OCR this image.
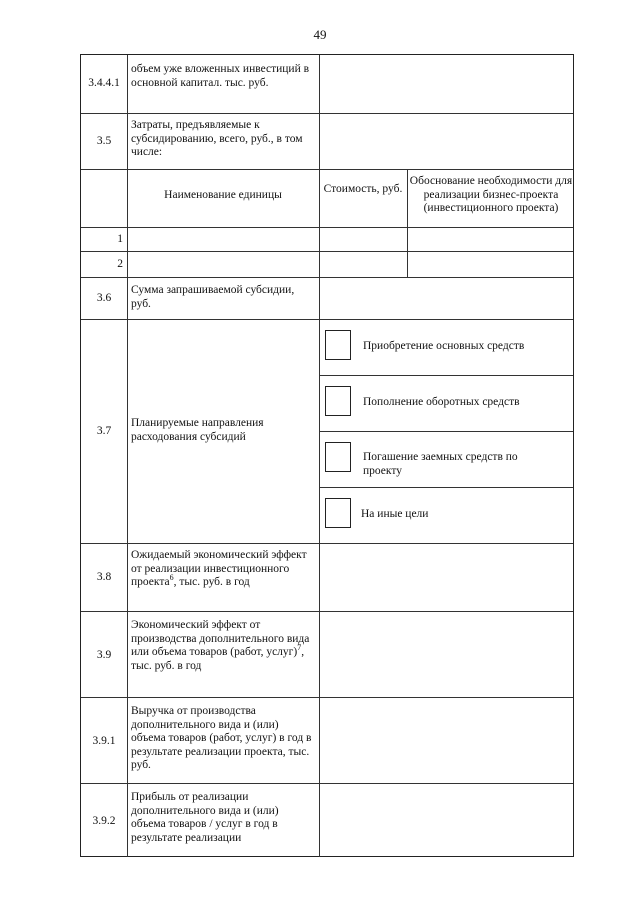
49
3.4.4.1
объем уже вложенных инвестиций в основной капитал. тыс. руб.
3.5
Затраты, предъявляемые к субсидированию, всего, руб., в том числе:
Наименование единицы	Стоимость, руб.
Обоснование необходимости для реализации бизнес-проекта (инвестиционного проекта)
1
2
3.6
Сумма запрашиваемой субсидии, руб.
3.7
Планируемые направления расходования субсидий
Приобретение основных средств
Пополнение оборотных средств
Погашение заемных средств по проекту
На иные цели
3.8
Ожидаемый экономический эффект от реализации инвестиционного проекта$^6$, тыс. руб. в год
3.9
Экономический эффект от производства дополнительного вида или объема товаров (работ, услуг)$^7$, тыс. руб. в год
3.9.1
Выручка от производства дополнительного вида и (или) объема товаров (работ, услуг) в год в результате реализации проекта, тыс. руб.
3.9.2
Прибыль от реализации дополнительного вида и (или) объема товаров / услуг в год в результате реализации
